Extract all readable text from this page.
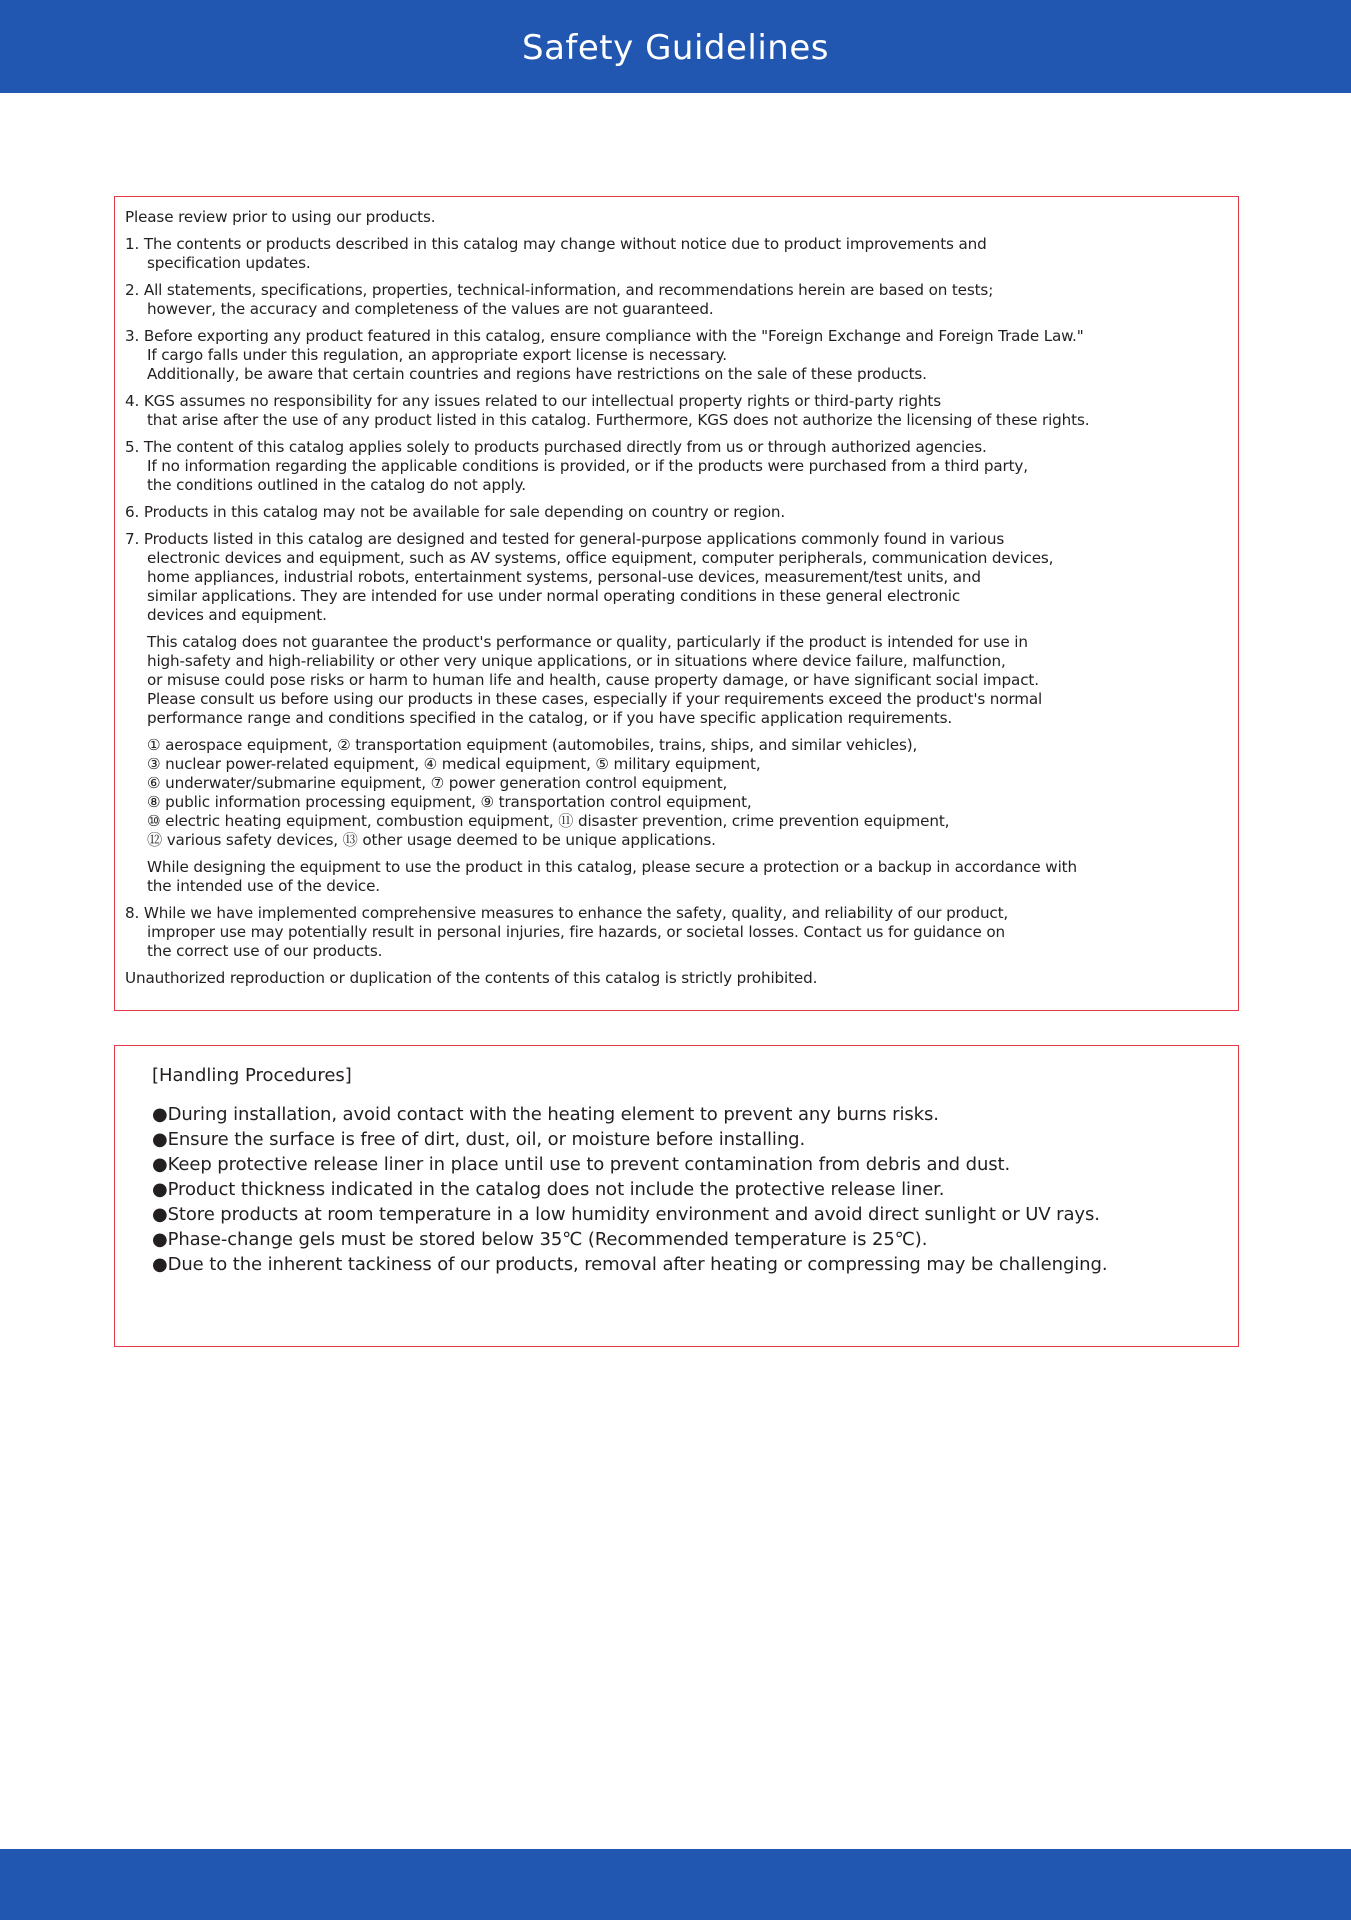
Safety Guidelines
Please review prior to using our products.
1. The contents or products described in this catalog may change without notice due to product improvements and
specification updates.
2. All statements, specifications, properties, technical-information, and recommendations herein are based on tests;
however, the accuracy and completeness of the values are not guaranteed.
3. Before exporting any product featured in this catalog, ensure compliance with the "Foreign Exchange and Foreign Trade Law."
If cargo falls under this regulation, an appropriate export license is necessary.
Additionally, be aware that certain countries and regions have restrictions on the sale of these products.
4. KGS assumes no responsibility for any issues related to our intellectual property rights or third-party rights
that arise after the use of any product listed in this catalog. Furthermore, KGS does not authorize the licensing of these rights.
5. The content of this catalog applies solely to products purchased directly from us or through authorized agencies.
If no information regarding the applicable conditions is provided, or if the products were purchased from a third party,
the conditions outlined in the catalog do not apply.
6. Products in this catalog may not be available for sale depending on country or region.
7. Products listed in this catalog are designed and tested for general-purpose applications commonly found in various
electronic devices and equipment, such as AV systems, office equipment, computer peripherals, communication devices,
home appliances, industrial robots, entertainment systems, personal-use devices, measurement/test units, and
similar applications. They are intended for use under normal operating conditions in these general electronic
devices and equipment.
This catalog does not guarantee the product's performance or quality, particularly if the product is intended for use in
high-safety and high-reliability or other very unique applications, or in situations where device failure, malfunction,
or misuse could pose risks or harm to human life and health, cause property damage, or have significant social impact.
Please consult us before using our products in these cases, especially if your requirements exceed the product's normal
performance range and conditions specified in the catalog, or if you have specific application requirements.
① aerospace equipment, ② transportation equipment (automobiles, trains, ships, and similar vehicles),
③ nuclear power-related equipment, ④ medical equipment, ⑤ military equipment,
⑥ underwater/submarine equipment, ⑦ power generation control equipment,
⑧ public information processing equipment, ⑨ transportation control equipment,
⑩ electric heating equipment, combustion equipment, ⑪ disaster prevention, crime prevention equipment,
⑫ various safety devices, ⑬ other usage deemed to be unique applications.
While designing the equipment to use the product in this catalog, please secure a protection or a backup in accordance with
the intended use of the device.
8. While we have implemented comprehensive measures to enhance the safety, quality, and reliability of our product,
improper use may potentially result in personal injuries, fire hazards, or societal losses. Contact us for guidance on
the correct use of our products.
Unauthorized reproduction or duplication of the contents of this catalog is strictly prohibited.
[Handling Procedures]
●During installation, avoid contact with the heating element to prevent any burns risks.
●Ensure the surface is free of dirt, dust, oil, or moisture before installing.
●Keep protective release liner in place until use to prevent contamination from debris and dust.
●Product thickness indicated in the catalog does not include the protective release liner.
●Store products at room temperature in a low humidity environment and avoid direct sunlight or UV rays.
●Phase-change gels must be stored below 35℃ (Recommended temperature is 25℃).
●Due to the inherent tackiness of our products, removal after heating or compressing may be challenging.
